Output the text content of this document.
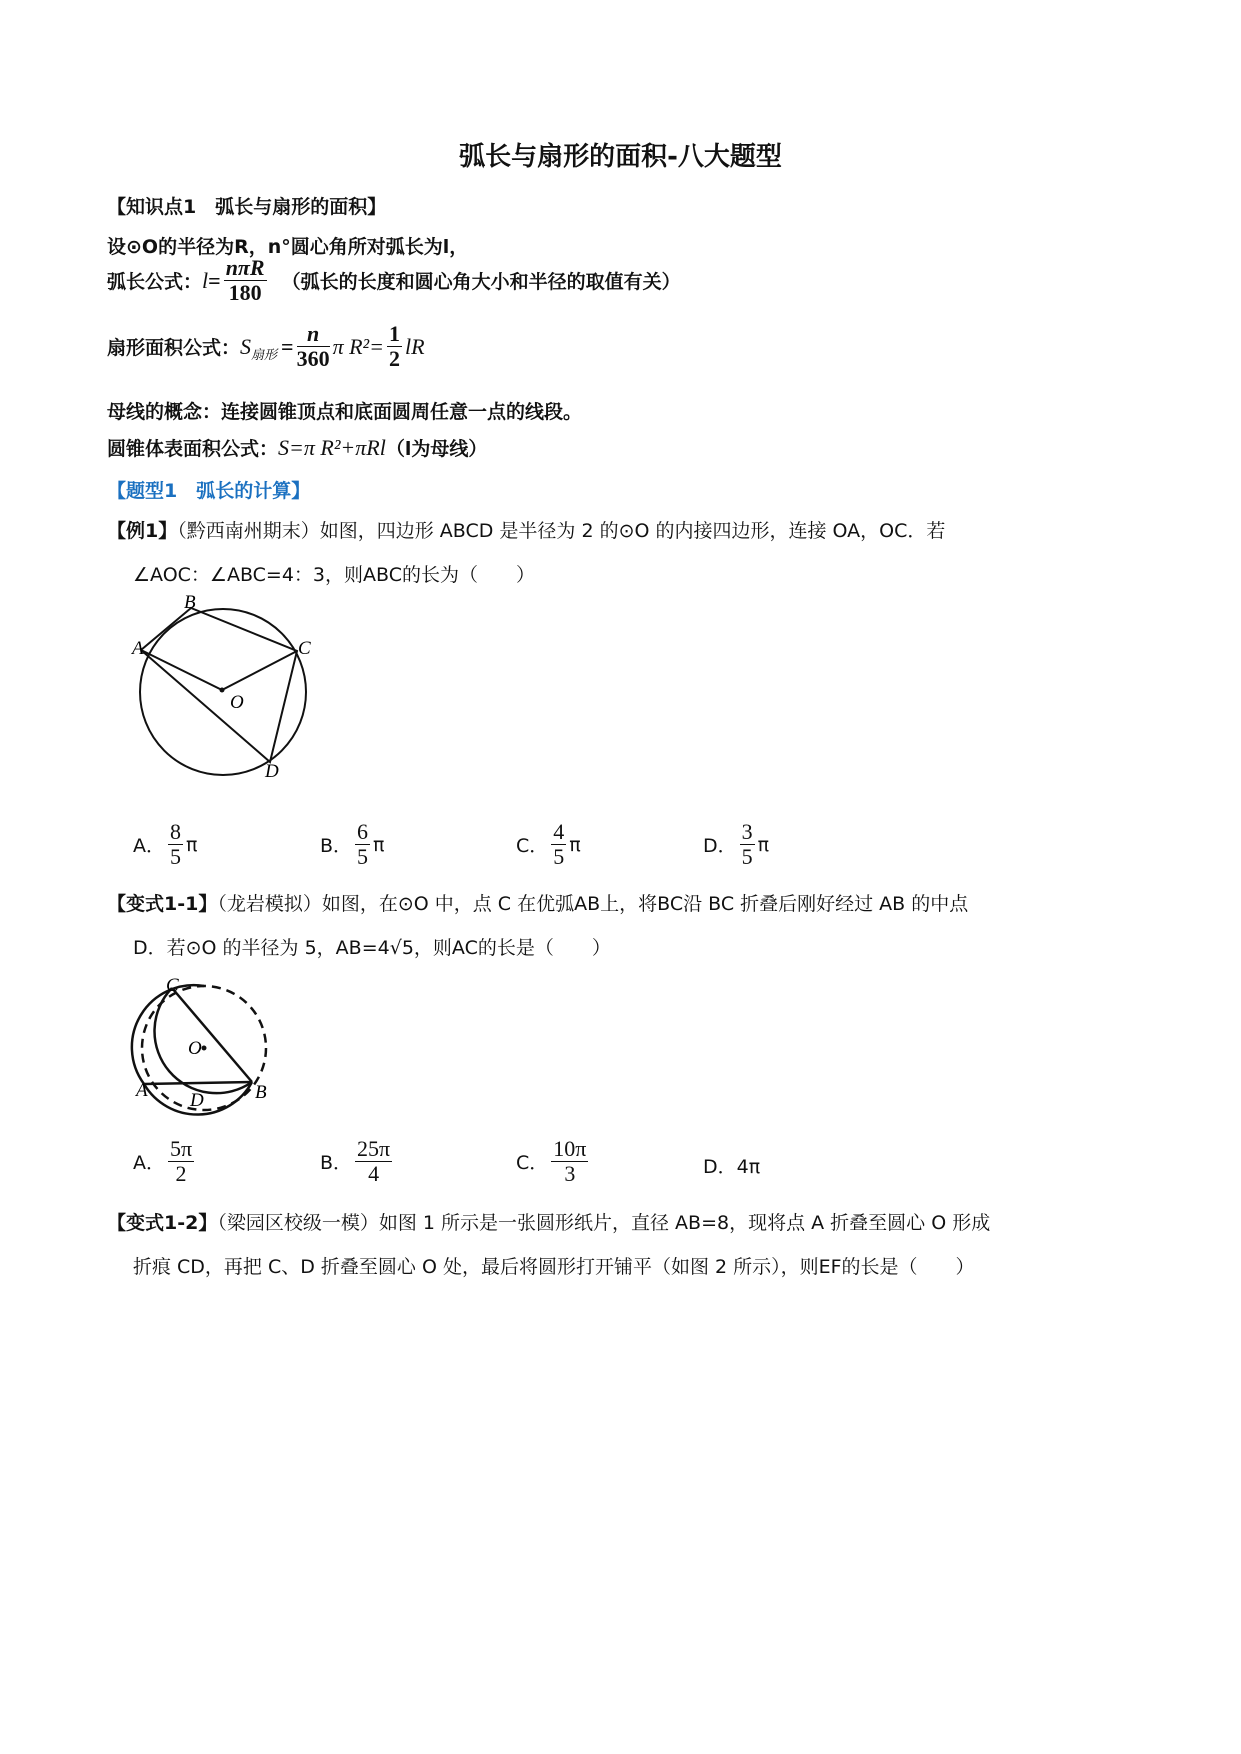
弧长与扇形的面积-八大题型
【知识点1　弧长与扇形的面积】
设⊙O的半径为R，n°圆心角所对弧长为l，
弧长公式： $l = \frac{\text{nπR}}{180}$ （弧长的长度和圆心角大小和半径的取值有关）
扇形面积公式： S 扇形 = $\frac{n}{360}$ π $R^2= \frac{1}{2}$ lR
母线的概念：连接圆锥顶点和底面圆周任意一点的线段。
圆锥体表面积公式： S=π R²+πRl （l为母线）
【题型1　弧长的计算】
【例1】（黔西南州期末）如图，四边形 ABCD 是半径为 2 的⊙O 的内接四边形，连接 OA，OC．若
∠AOC：∠ABC=4：3，则ABC的长为（　　）
B
A	C
O
D
A． $\frac{8}{5}$ π	B． $\frac{6}{5}$ π	C． $\frac{4}{5}$ π	D． $\frac{3}{5}$ π
【变式1-1】（龙岩模拟）如图，在⊙O 中，点 C 在优弧AB上，将BC沿 BC 折叠后刚好经过 AB 的中点
D．若⊙O 的半径为 5，AB=4√5，则AC的长是（　　）
C
O
A D	B
A． $\frac{5\pi}{2}$	B． $\frac{25\pi}{4}$	C． $\frac{10\pi}{3}$	D．4π
【变式1-2】（梁园区校级一模）如图 1 所示是一张圆形纸片，直径 AB=8，现将点 A 折叠至圆心 O 形成
折痕 CD，再把 C、D 折叠至圆心 O 处，最后将圆形打开铺平（如图 2 所示），则EF的长是（　　）
